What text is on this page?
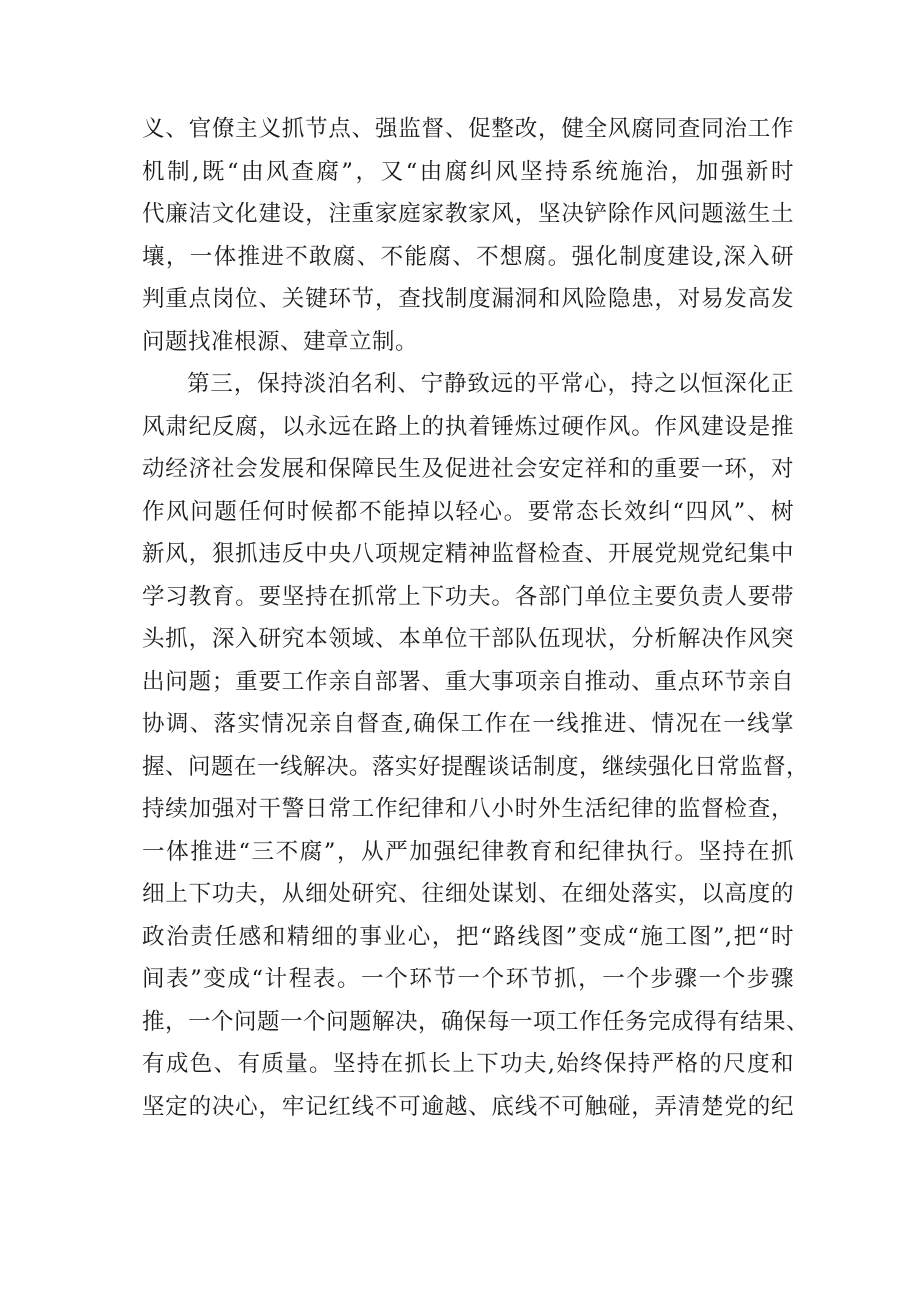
义、官僚主义抓节点、强监督、促整改，健全风腐同查同治工作
机制,既“由风查腐”，又“由腐纠风坚持系统施治，加强新时
代廉洁文化建设，注重家庭家教家风，坚决铲除作风问题滋生土
壤，一体推进不敢腐、不能腐、不想腐。强化制度建设,深入研
判重点岗位、关键环节，查找制度漏洞和风险隐患，对易发高发
问题找准根源、建章立制。
第三，保持淡泊名利、宁静致远的平常心，持之以恒深化正
风肃纪反腐，以永远在路上的执着锤炼过硬作风。作风建设是推
动经济社会发展和保障民生及促进社会安定祥和的重要一环，对
作风问题任何时候都不能掉以轻心。要常态长效纠“四风”、树
新风，狠抓违反中央八项规定精神监督检查、开展党规党纪集中
学习教育。要坚持在抓常上下功夫。各部门单位主要负责人要带
头抓，深入研究本领域、本单位干部队伍现状，分析解决作风突
出问题；重要工作亲自部署、重大事项亲自推动、重点环节亲自
协调、落实情况亲自督查,确保工作在一线推进、情况在一线掌
握、问题在一线解决。落实好提醒谈话制度，继续强化日常监督，
持续加强对干警日常工作纪律和八小时外生活纪律的监督检查，
一体推进“三不腐”，从严加强纪律教育和纪律执行。坚持在抓
细上下功夫，从细处研究、往细处谋划、在细处落实，以高度的
政治责任感和精细的事业心，把“路线图”变成“施工图”,把“时
间表”变成“计程表。一个环节一个环节抓，一个步骤一个步骤
推，一个问题一个问题解决，确保每一项工作任务完成得有结果、
有成色、有质量。坚持在抓长上下功夫,始终保持严格的尺度和
坚定的决心，牢记红线不可逾越、底线不可触碰，弄清楚党的纪
